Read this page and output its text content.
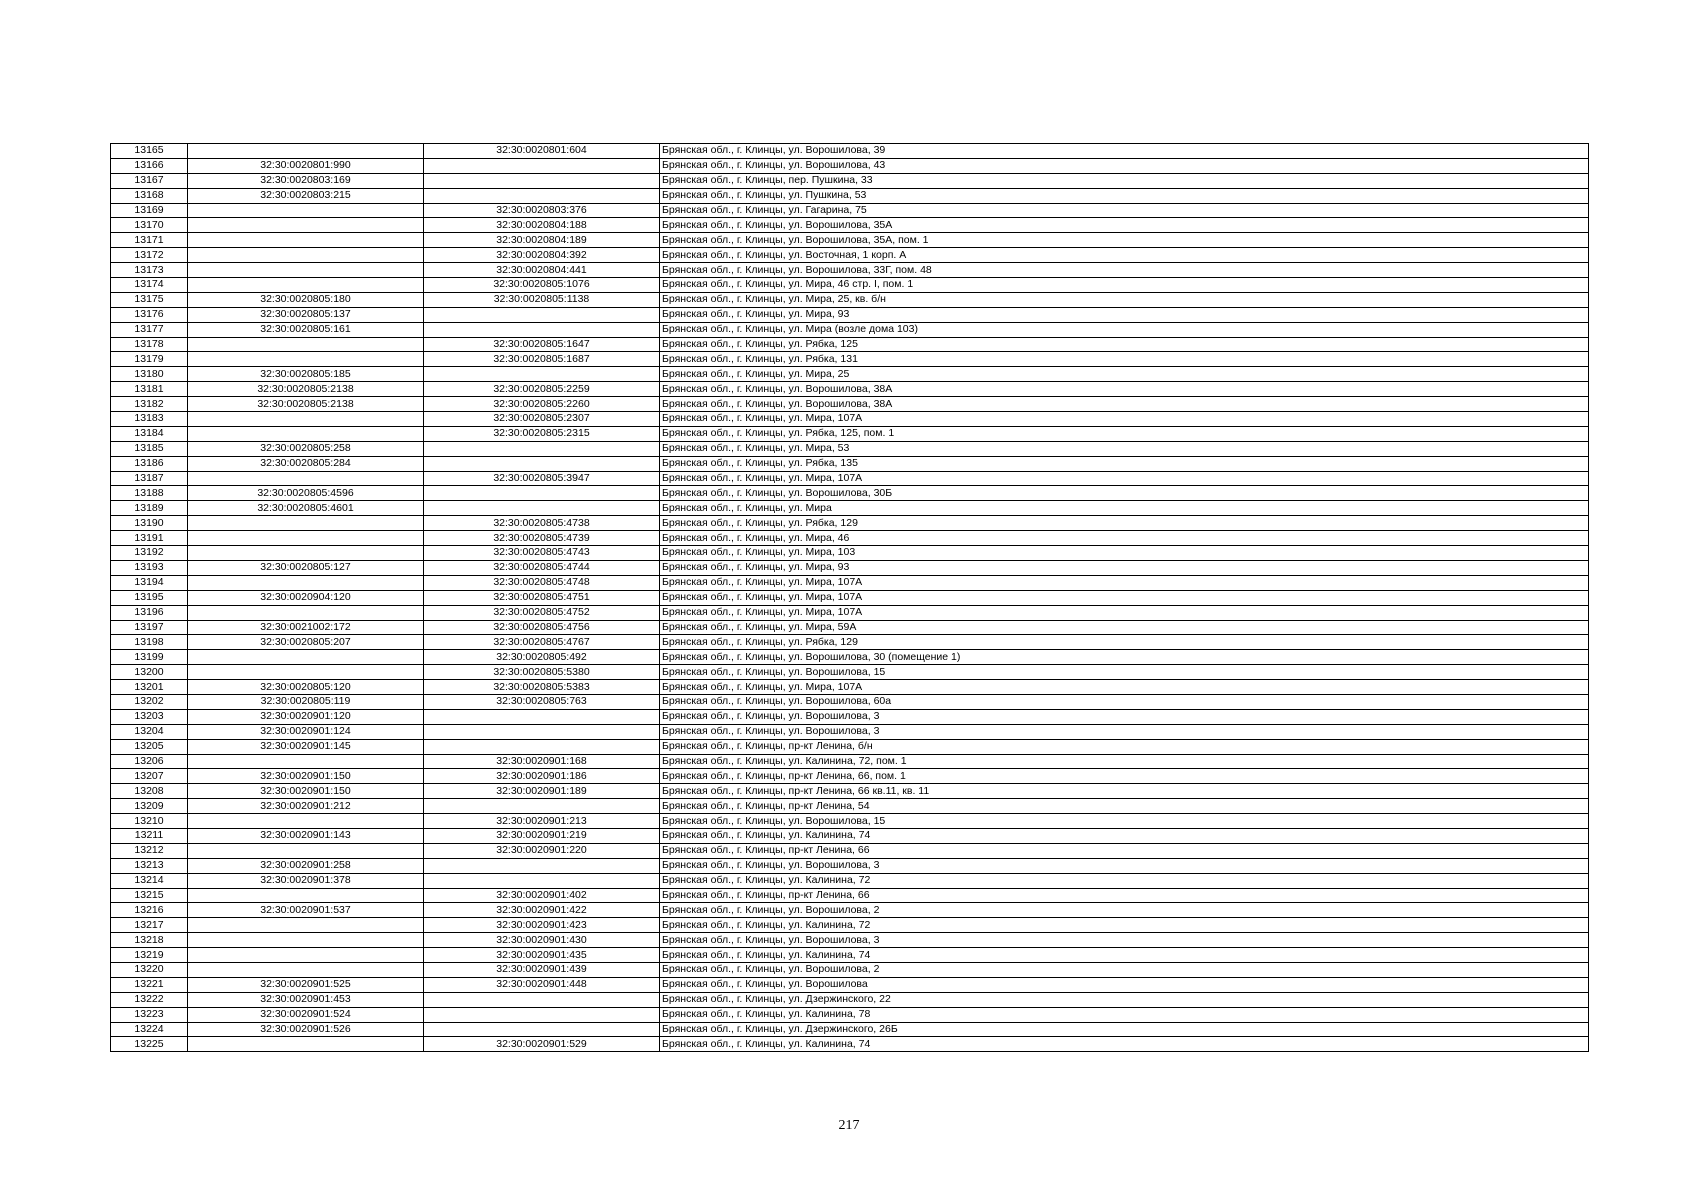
13165		32:30:0020801:604	Брянская обл., г. Клинцы, ул. Ворошилова, 39
13166	32:30:0020801:990		Брянская обл., г. Клинцы, ул. Ворошилова, 43
13167	32:30:0020803:169		Брянская обл., г. Клинцы, пер. Пушкина, 33
13168	32:30:0020803:215		Брянская обл., г. Клинцы, ул. Пушкина, 53
13169		32:30:0020803:376	Брянская обл., г. Клинцы, ул. Гагарина, 75
13170		32:30:0020804:188	Брянская обл., г. Клинцы, ул. Ворошилова, 35А
13171		32:30:0020804:189	Брянская обл., г. Клинцы, ул. Ворошилова, 35А, пом. 1
13172		32:30:0020804:392	Брянская обл., г. Клинцы, ул. Восточная, 1 корп. А
13173		32:30:0020804:441	Брянская обл., г. Клинцы, ул. Ворошилова, 33Г, пом. 48
13174		32:30:0020805:1076	Брянская обл., г. Клинцы, ул. Мира, 46 стр. I, пом. 1
13175	32:30:0020805:180	32:30:0020805:1138	Брянская обл., г. Клинцы, ул. Мира, 25, кв. б/н
13176	32:30:0020805:137		Брянская обл., г. Клинцы, ул. Мира, 93
13177	32:30:0020805:161		Брянская обл., г. Клинцы, ул. Мира (возле дома 103)
13178		32:30:0020805:1647	Брянская обл., г. Клинцы, ул. Рябка, 125
13179		32:30:0020805:1687	Брянская обл., г. Клинцы, ул. Рябка, 131
13180	32:30:0020805:185		Брянская обл., г. Клинцы, ул. Мира, 25
13181	32:30:0020805:2138	32:30:0020805:2259	Брянская обл., г. Клинцы, ул. Ворошилова, 38А
13182	32:30:0020805:2138	32:30:0020805:2260	Брянская обл., г. Клинцы, ул. Ворошилова, 38А
13183		32:30:0020805:2307	Брянская обл., г. Клинцы, ул. Мира, 107А
13184		32:30:0020805:2315	Брянская обл., г. Клинцы, ул. Рябка, 125, пом. 1
13185	32:30:0020805:258		Брянская обл., г. Клинцы, ул. Мира, 53
13186	32:30:0020805:284		Брянская обл., г. Клинцы, ул. Рябка, 135
13187		32:30:0020805:3947	Брянская обл., г. Клинцы, ул. Мира, 107А
13188	32:30:0020805:4596		Брянская обл., г. Клинцы, ул. Ворошилова, 30Б
13189	32:30:0020805:4601		Брянская обл., г. Клинцы, ул. Мира
13190		32:30:0020805:4738	Брянская обл., г. Клинцы, ул. Рябка, 129
13191		32:30:0020805:4739	Брянская обл., г. Клинцы, ул. Мира, 46
13192		32:30:0020805:4743	Брянская обл., г. Клинцы, ул. Мира, 103
13193	32:30:0020805:127	32:30:0020805:4744	Брянская обл., г. Клинцы, ул. Мира, 93
13194		32:30:0020805:4748	Брянская обл., г. Клинцы, ул. Мира, 107А
13195	32:30:0020904:120	32:30:0020805:4751	Брянская обл., г. Клинцы, ул. Мира, 107А
13196		32:30:0020805:4752	Брянская обл., г. Клинцы, ул. Мира, 107А
13197	32:30:0021002:172	32:30:0020805:4756	Брянская обл., г. Клинцы, ул. Мира, 59А
13198	32:30:0020805:207	32:30:0020805:4767	Брянская обл., г. Клинцы, ул. Рябка, 129
13199		32:30:0020805:492	Брянская обл., г. Клинцы, ул. Ворошилова, 30 (помещение 1)
13200		32:30:0020805:5380	Брянская обл., г. Клинцы, ул. Ворошилова, 15
13201	32:30:0020805:120	32:30:0020805:5383	Брянская обл., г. Клинцы, ул. Мира, 107А
13202	32:30:0020805:119	32:30:0020805:763	Брянская обл., г. Клинцы, ул. Ворошилова, 60а
13203	32:30:0020901:120		Брянская обл., г. Клинцы, ул. Ворошилова, 3
13204	32:30:0020901:124		Брянская обл., г. Клинцы, ул. Ворошилова, 3
13205	32:30:0020901:145		Брянская обл., г. Клинцы, пр-кт Ленина, б/н
13206		32:30:0020901:168	Брянская обл., г. Клинцы, ул. Калинина, 72, пом. 1
13207	32:30:0020901:150	32:30:0020901:186	Брянская обл., г. Клинцы, пр-кт Ленина, 66, пом. 1
13208	32:30:0020901:150	32:30:0020901:189	Брянская обл., г. Клинцы, пр-кт Ленина, 66 кв.11, кв. 11
13209	32:30:0020901:212		Брянская обл., г. Клинцы, пр-кт Ленина, 54
13210		32:30:0020901:213	Брянская обл., г. Клинцы, ул. Ворошилова, 15
13211	32:30:0020901:143	32:30:0020901:219	Брянская обл., г. Клинцы, ул. Калинина, 74
13212		32:30:0020901:220	Брянская обл., г. Клинцы, пр-кт Ленина, 66
13213	32:30:0020901:258		Брянская обл., г. Клинцы, ул. Ворошилова, 3
13214	32:30:0020901:378		Брянская обл., г. Клинцы, ул. Калинина, 72
13215		32:30:0020901:402	Брянская обл., г. Клинцы, пр-кт Ленина, 66
13216	32:30:0020901:537	32:30:0020901:422	Брянская обл., г. Клинцы, ул. Ворошилова, 2
13217		32:30:0020901:423	Брянская обл., г. Клинцы, ул. Калинина, 72
13218		32:30:0020901:430	Брянская обл., г. Клинцы, ул. Ворошилова, 3
13219		32:30:0020901:435	Брянская обл., г. Клинцы, ул. Калинина, 74
13220		32:30:0020901:439	Брянская обл., г. Клинцы, ул. Ворошилова, 2
13221	32:30:0020901:525	32:30:0020901:448	Брянская обл., г. Клинцы, ул. Ворошилова
13222	32:30:0020901:453		Брянская обл., г. Клинцы, ул. Дзержинского, 22
13223	32:30:0020901:524		Брянская обл., г. Клинцы, ул. Калинина, 78
13224	32:30:0020901:526		Брянская обл., г. Клинцы, ул. Дзержинского, 26Б
13225		32:30:0020901:529	Брянская обл., г. Клинцы, ул. Калинина, 74
217
